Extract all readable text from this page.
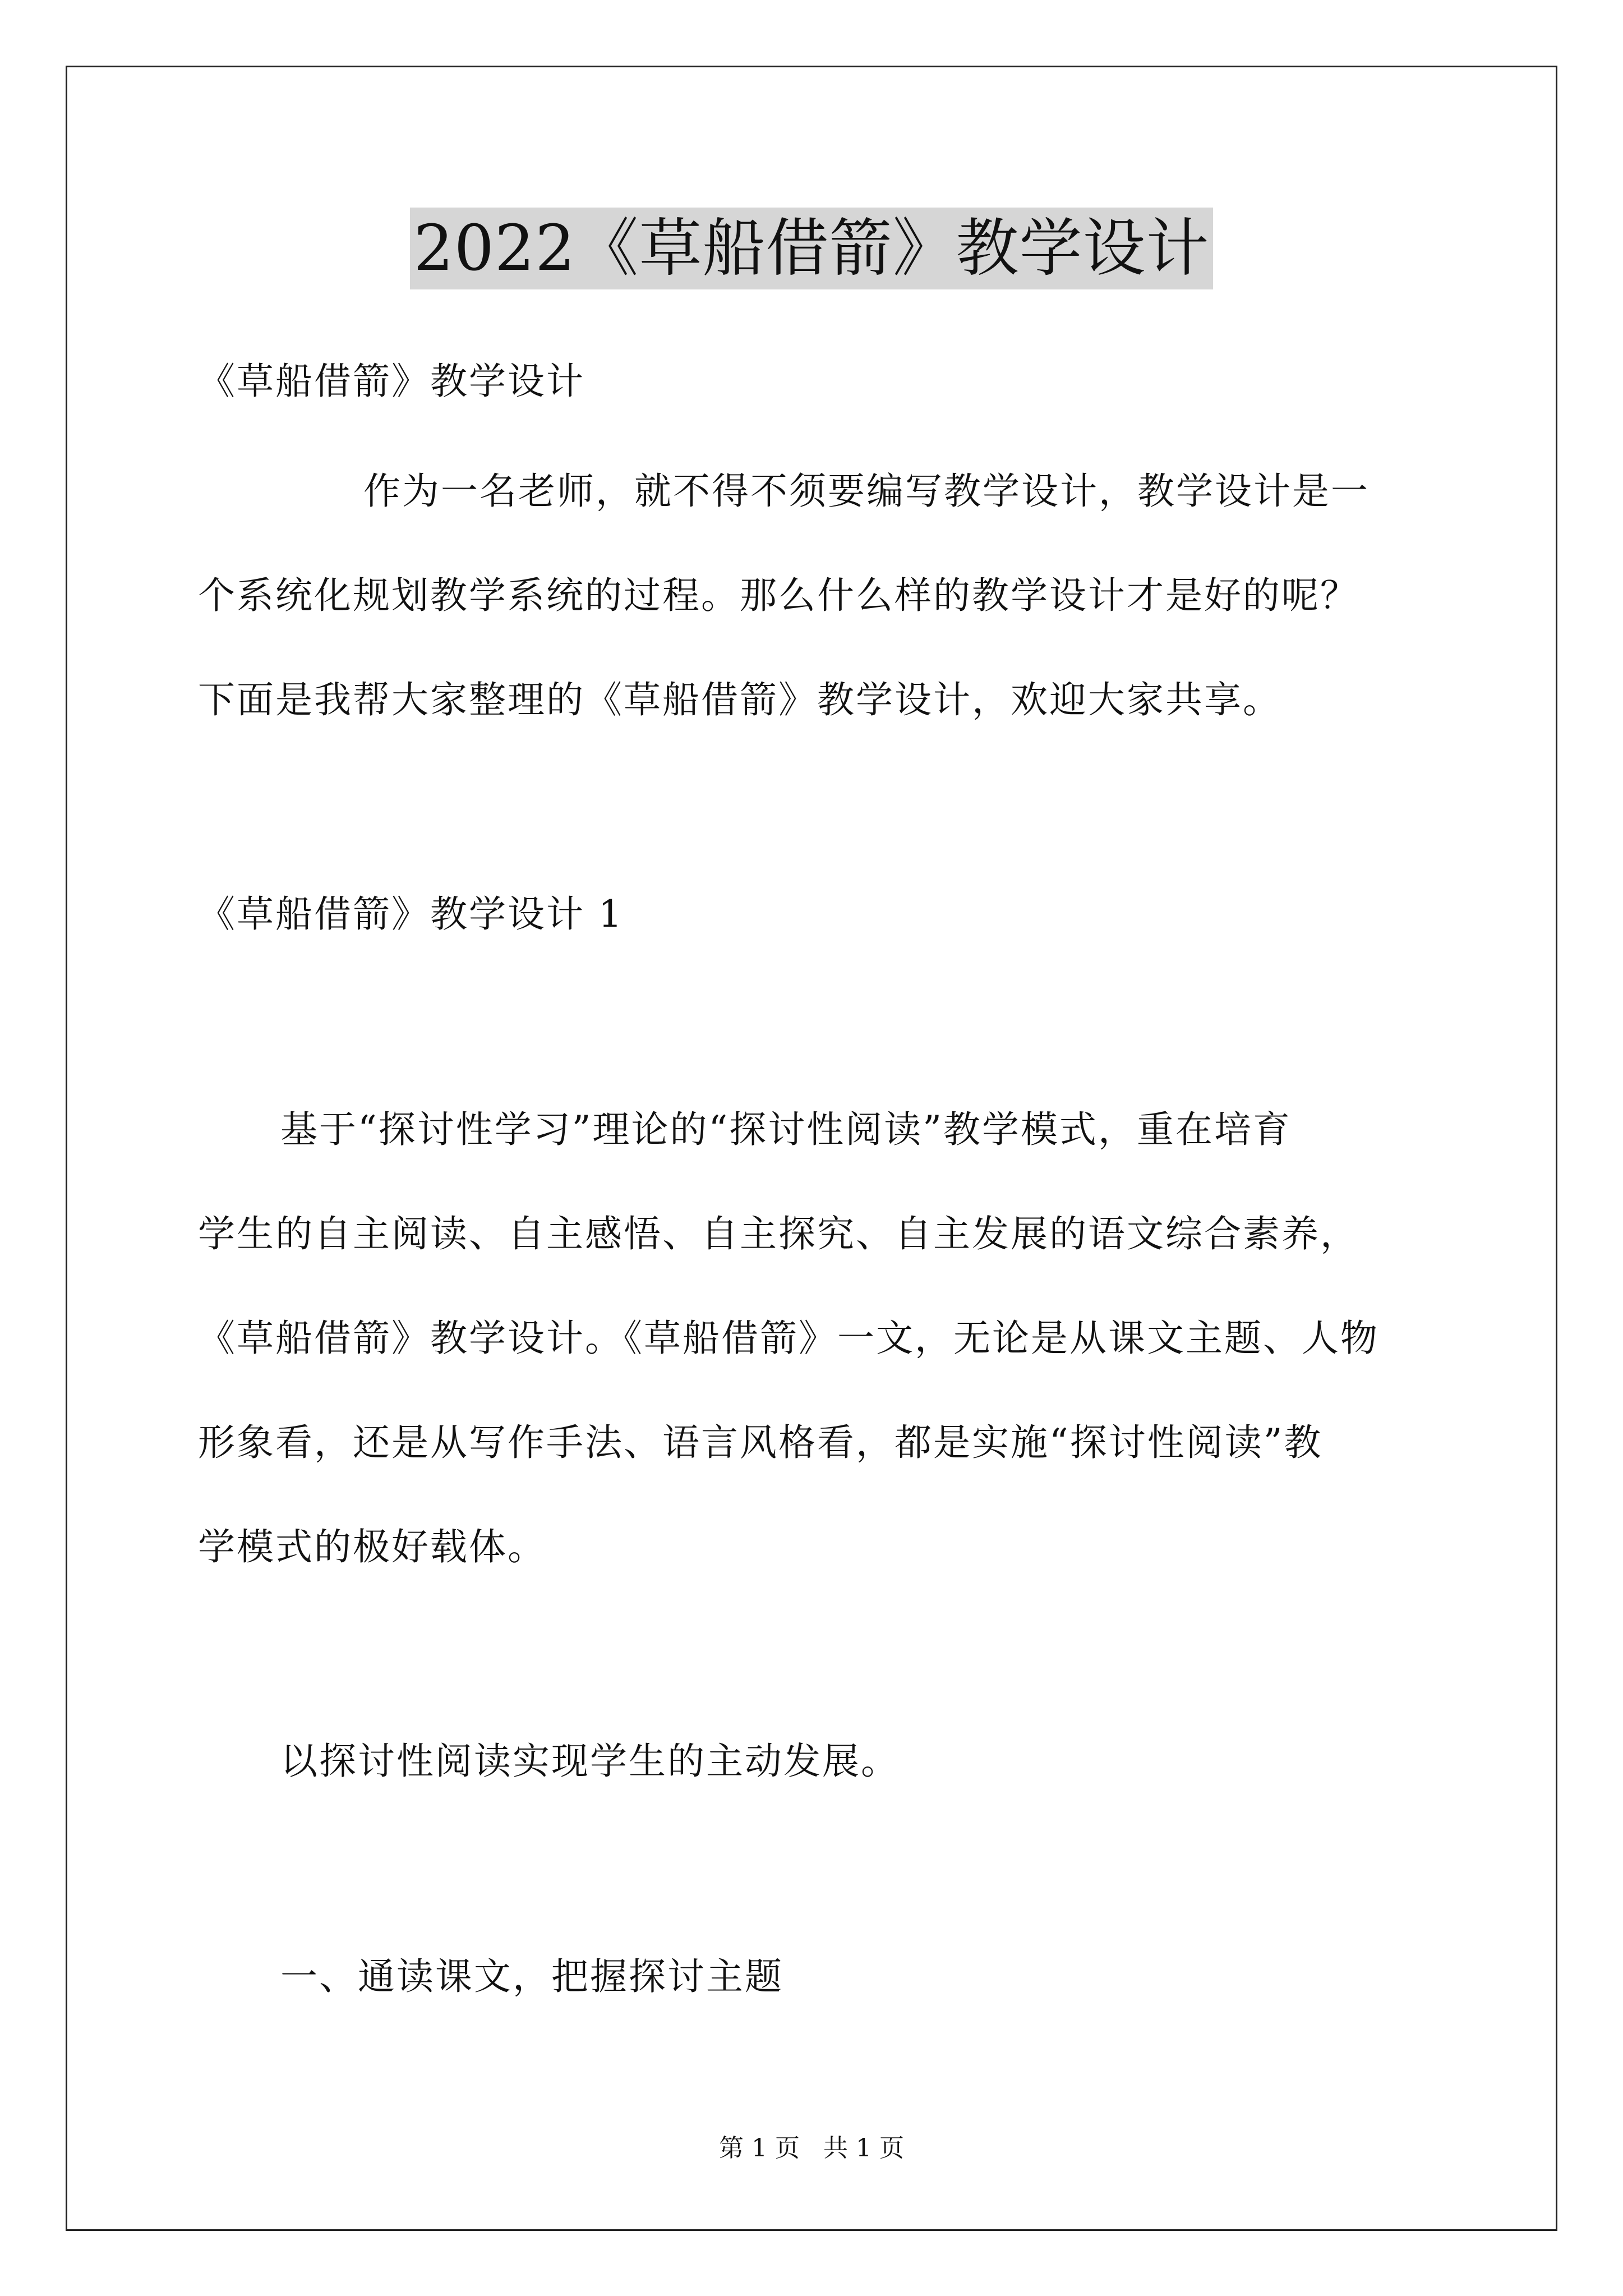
2022《草船借箭》教学设计
《草船借箭》教学设计
作为一名老师，就不得不须要编写教学设计，教学设计是一
个系统化规划教学系统的过程。那么什么样的教学设计才是好的呢？
下面是我帮大家整理的《草船借箭》教学设计，欢迎大家共享。
《草船借箭》教学设计 1
基于“探讨性学习”理论的“探讨性阅读”教学模式，重在培育
学生的自主阅读、自主感悟、自主探究、自主发展的语文综合素养，
《草船借箭》教学设计。《草船借箭》一文，无论是从课文主题、人物
形象看，还是从写作手法、语言风格看，都是实施“探讨性阅读”教
学模式的极好载体。
以探讨性阅读实现学生的主动发展。
一、通读课文，把握探讨主题
第 1 页   共 1 页
